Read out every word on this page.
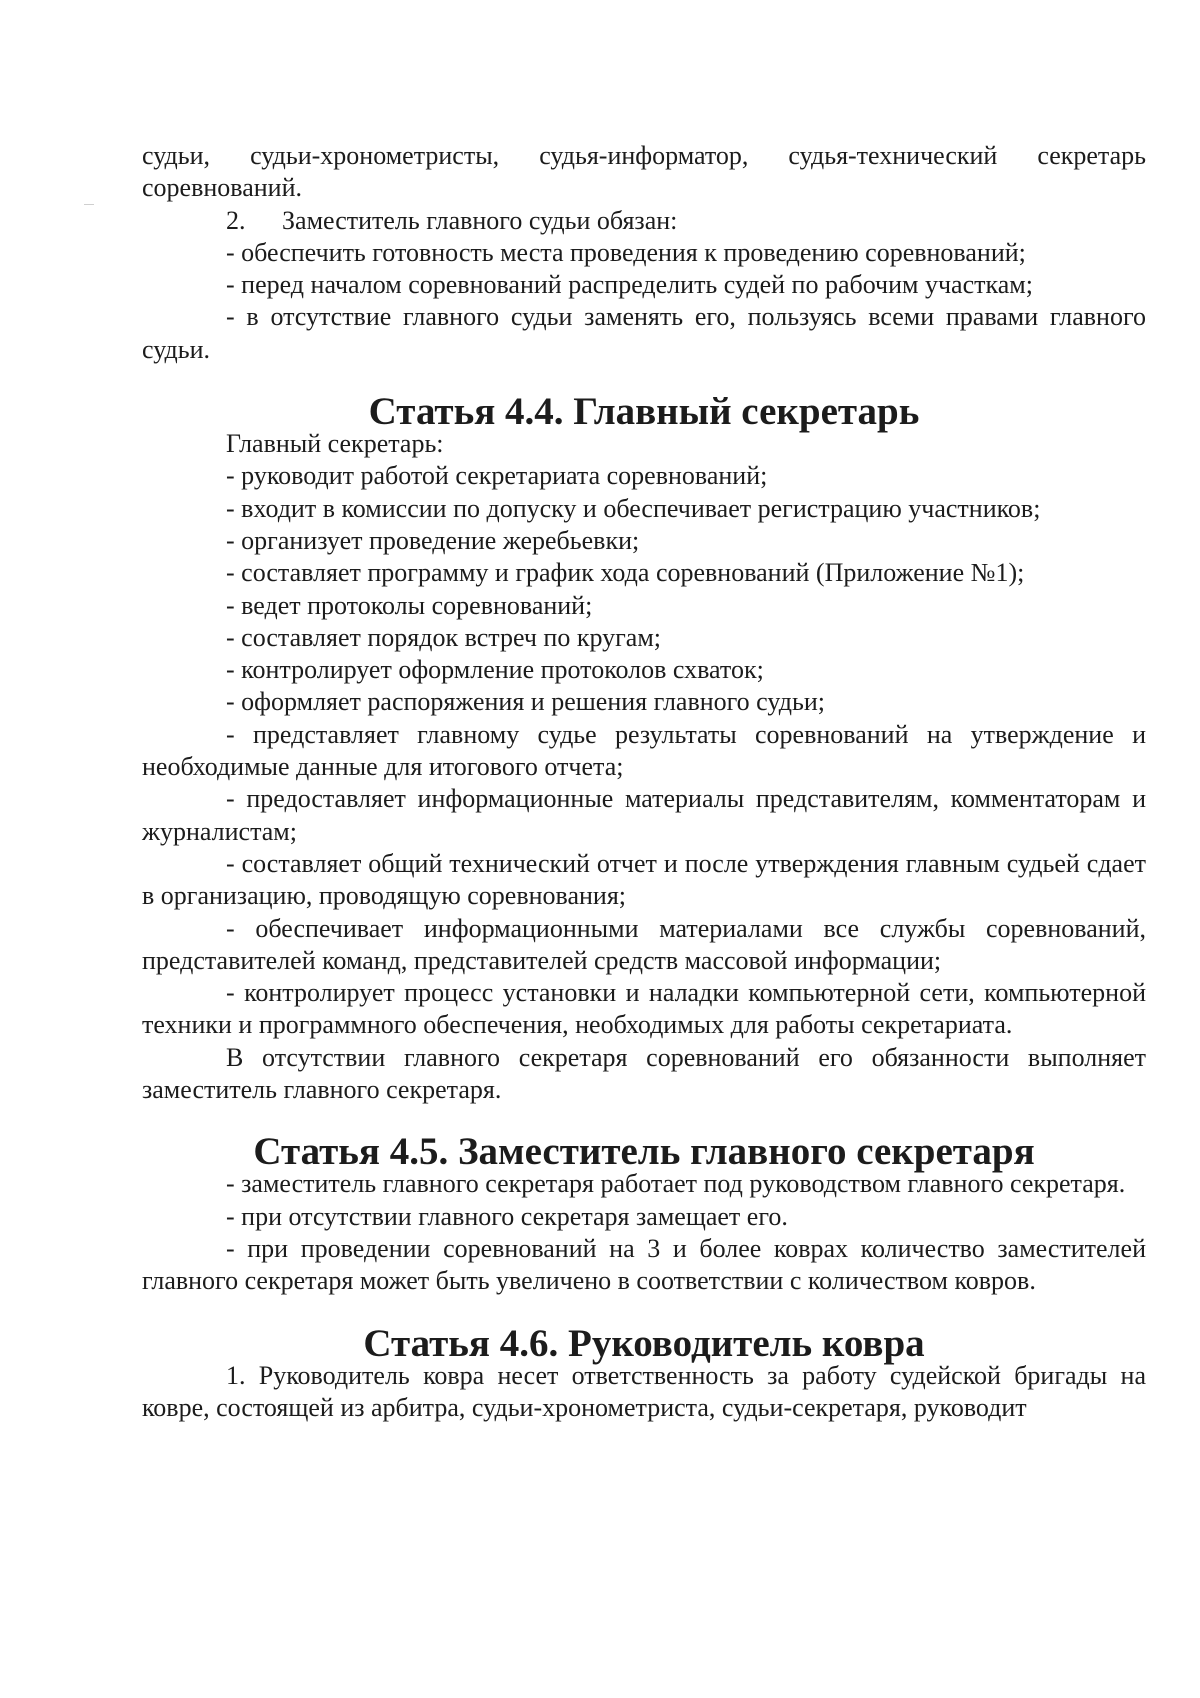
судьи, судьи-хронометристы, судья-информатор, судья-технический секретарь соревнований.

2. Заместитель главного судьи обязан:

- обеспечить готовность места проведения к проведению соревнований;

- перед началом соревнований распределить судей по рабочим участкам;

- в отсутствие главного судьи заменять его, пользуясь всеми правами главного судьи.

Статья 4.4. Главный секретарь

Главный секретарь:

- руководит работой секретариата соревнований;

- входит в комиссии по допуску и обеспечивает регистрацию участников;

- организует проведение жеребьевки;

- составляет программу и график хода соревнований (Приложение №1);

- ведет протоколы соревнований;

- составляет порядок встреч по кругам;

- контролирует оформление протоколов схваток;

- оформляет распоряжения и решения главного судьи;

- представляет главному судье результаты соревнований на утверждение и необходимые данные для итогового отчета;

- предоставляет информационные материалы представителям, комментаторам и журналистам;

- составляет общий технический отчет и после утверждения главным судьей сдает в организацию, проводящую соревнования;

- обеспечивает информационными материалами все службы соревнований, представителей команд, представителей средств массовой информации;

- контролирует процесс установки и наладки компьютерной сети, компьютерной техники и программного обеспечения, необходимых для работы секретариата.

В отсутствии главного секретаря соревнований его обязанности выполняет заместитель главного секретаря.

Статья 4.5. Заместитель главного секретаря

- заместитель главного секретаря работает под руководством главного секретаря.

- при отсутствии главного секретаря замещает его.

- при проведении соревнований на 3 и более коврах количество заместителей главного секретаря может быть увеличено в соответствии с количеством ковров.

Статья 4.6. Руководитель ковра

1. Руководитель ковра несет ответственность за работу судейской бригады на ковре, состоящей из арбитра, судьи-хронометриста, судьи-секретаря, руководит
